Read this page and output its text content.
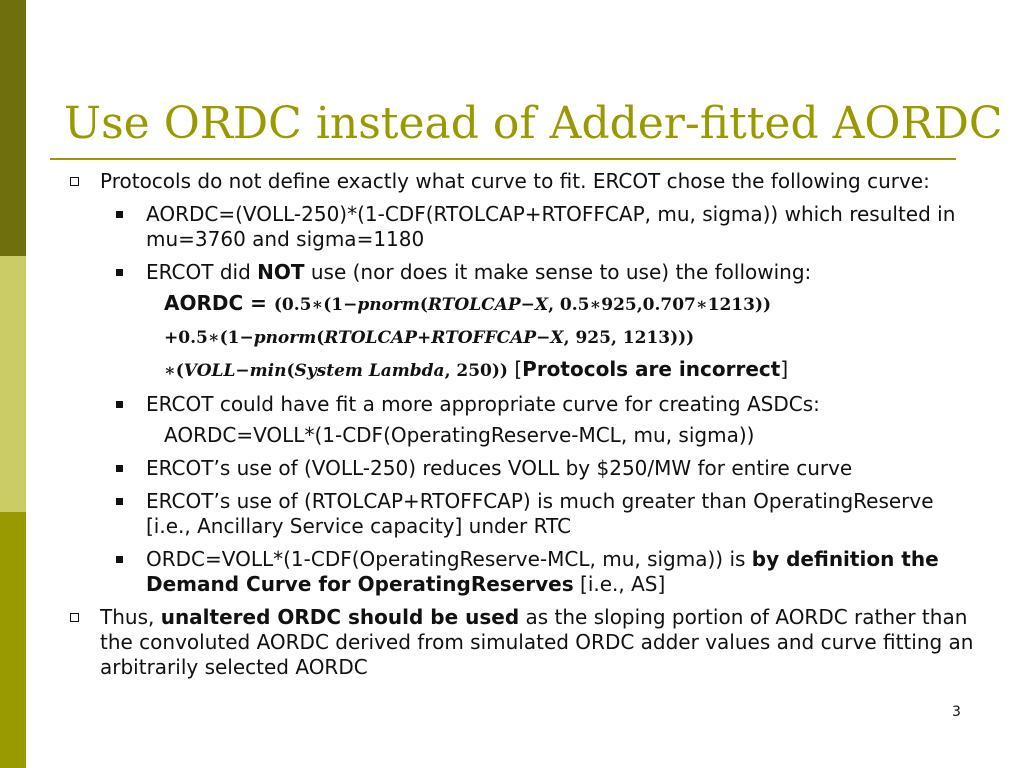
Use ORDC instead of Adder-fitted AORDC
Protocols do not define exactly what curve to fit. ERCOT chose the following curve:
AORDC=(VOLL-250)*(1-CDF(RTOLCAP+RTOFFCAP, mu, sigma)) which resulted in mu=3760 and sigma=1180
ERCOT did NOT use (nor does it make sense to use) the following:
AORDC = (0.5∗(1−pnorm(RTOLCAP−X, 0.5∗925,0.707∗1213))
+0.5∗(1−pnorm(RTOLCAP+RTOFFCAP−X, 925, 1213)))
∗(VOLL−min(System Lambda, 250)) [Protocols are incorrect]
ERCOT could have fit a more appropriate curve for creating ASDCs:
AORDC=VOLL*(1-CDF(OperatingReserve-MCL, mu, sigma))
ERCOT’s use of (VOLL-250) reduces VOLL by $250/MW for entire curve
ERCOT’s use of (RTOLCAP+RTOFFCAP) is much greater than OperatingReserve [i.e., Ancillary Service capacity] under RTC
ORDC=VOLL*(1-CDF(OperatingReserve-MCL, mu, sigma)) is by definition the Demand Curve for OperatingReserves [i.e., AS]
Thus, unaltered ORDC should be used as the sloping portion of AORDC rather than the convoluted AORDC derived from simulated ORDC adder values and curve fitting an arbitrarily selected AORDC
3
